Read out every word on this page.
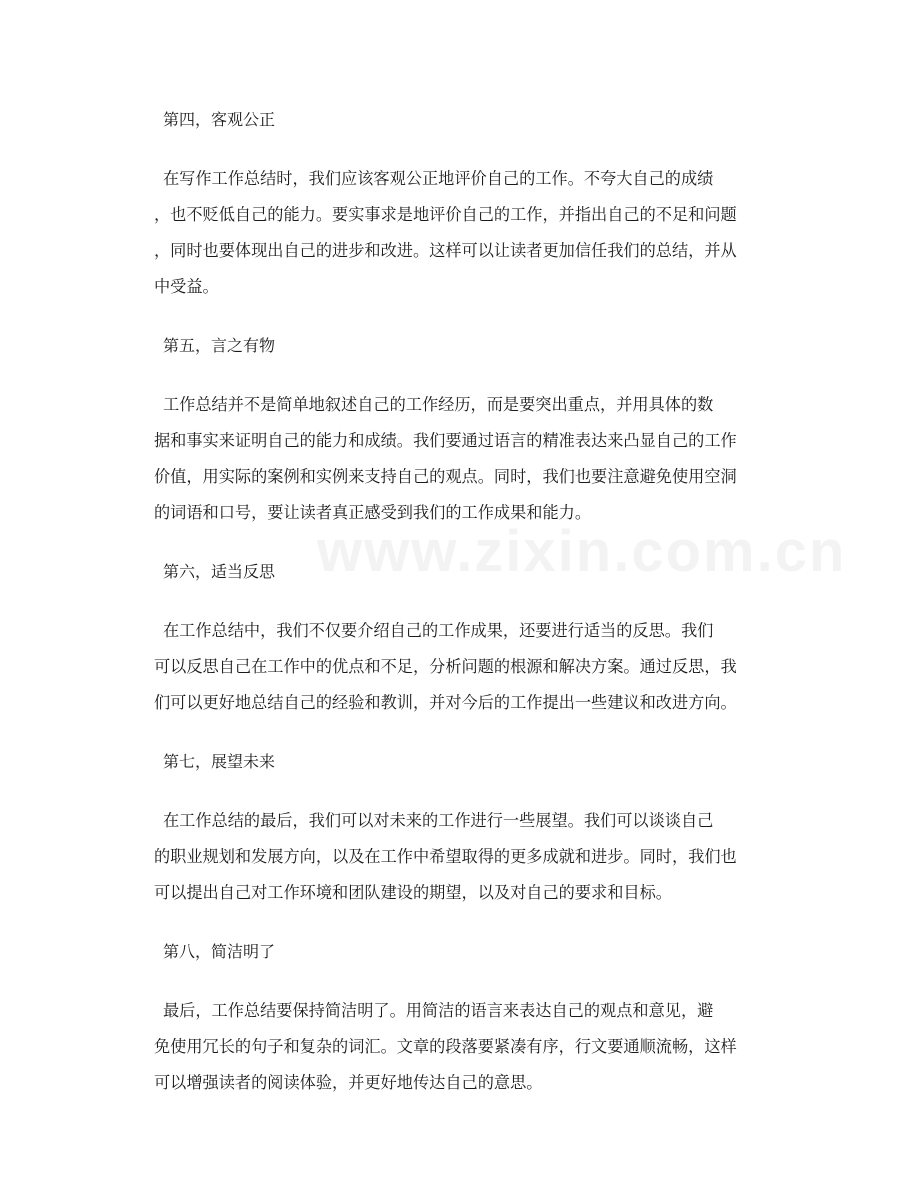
www.zixin.com.cn
第四，客观公正
在写作工作总结时，我们应该客观公正地评价自己的工作。不夸大自己的成绩
，也不贬低自己的能力。要实事求是地评价自己的工作，并指出自己的不足和问题
，同时也要体现出自己的进步和改进。这样可以让读者更加信任我们的总结，并从
中受益。
第五，言之有物
工作总结并不是简单地叙述自己的工作经历，而是要突出重点，并用具体的数
据和事实来证明自己的能力和成绩。我们要通过语言的精准表达来凸显自己的工作
价值，用实际的案例和实例来支持自己的观点。同时，我们也要注意避免使用空洞
的词语和口号，要让读者真正感受到我们的工作成果和能力。
第六，适当反思
在工作总结中，我们不仅要介绍自己的工作成果，还要进行适当的反思。我们
可以反思自己在工作中的优点和不足，分析问题的根源和解决方案。通过反思，我
们可以更好地总结自己的经验和教训，并对今后的工作提出一些建议和改进方向。
第七，展望未来
在工作总结的最后，我们可以对未来的工作进行一些展望。我们可以谈谈自己
的职业规划和发展方向，以及在工作中希望取得的更多成就和进步。同时，我们也
可以提出自己对工作环境和团队建设的期望，以及对自己的要求和目标。
第八，简洁明了
最后，工作总结要保持简洁明了。用简洁的语言来表达自己的观点和意见，避
免使用冗长的句子和复杂的词汇。文章的段落要紧凑有序，行文要通顺流畅，这样
可以增强读者的阅读体验，并更好地传达自己的意思。
